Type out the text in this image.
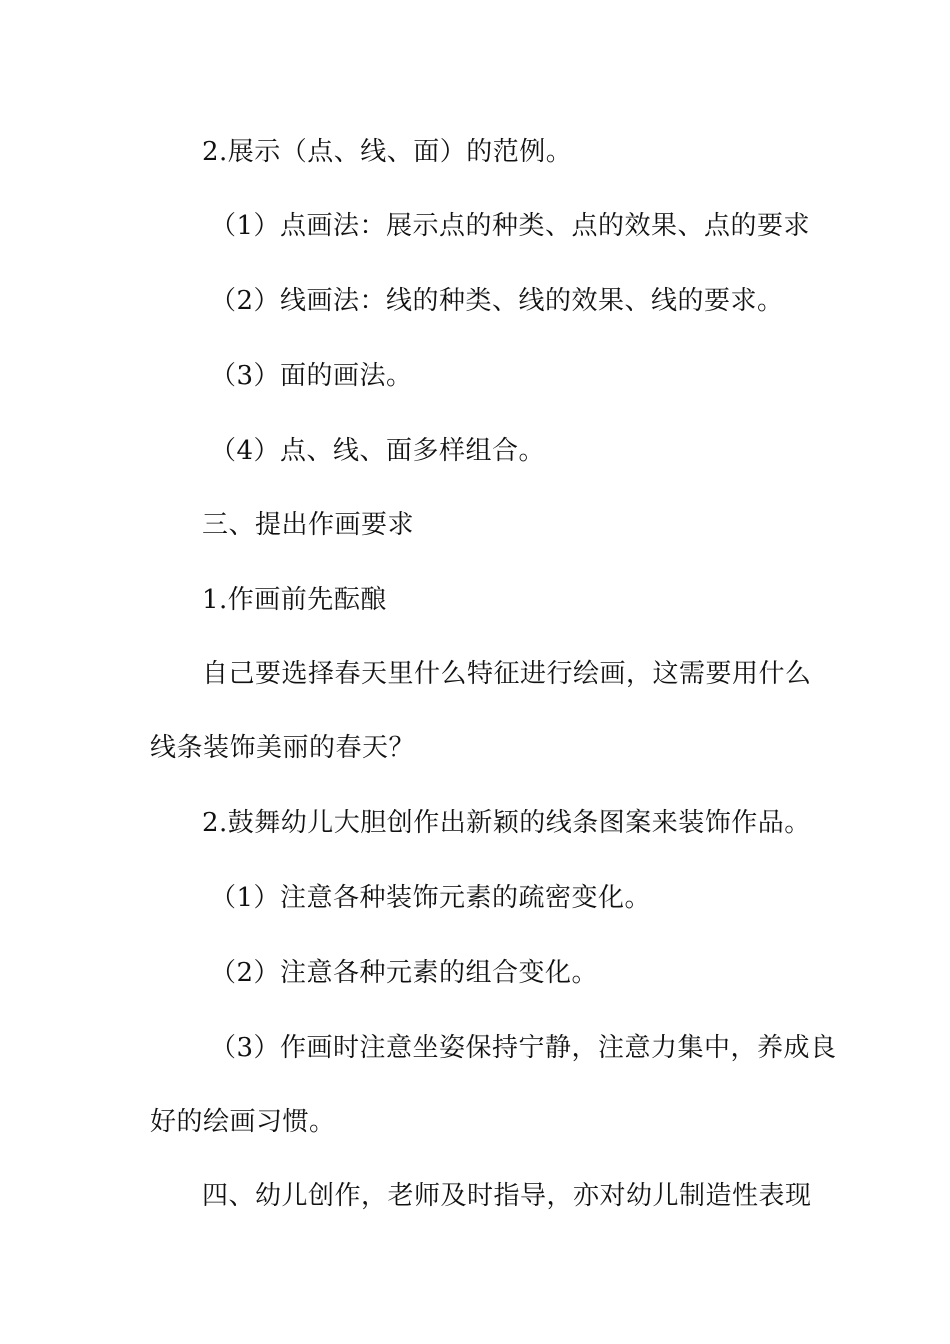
2.展示（点、线、面）的范例。
（1）点画法：展示点的种类、点的效果、点的要求
（2）线画法：线的种类、线的效果、线的要求。
（3）面的画法。
（4）点、线、面多样组合。
三、提出作画要求
1.作画前先酝酿
自己要选择春天里什么特征进行绘画，这需要用什么
线条装饰美丽的春天？
2.鼓舞幼儿大胆创作出新颖的线条图案来装饰作品。
（1）注意各种装饰元素的疏密变化。
（2）注意各种元素的组合变化。
（3）作画时注意坐姿保持宁静，注意力集中，养成良
好的绘画习惯。
四、幼儿创作，老师及时指导，亦对幼儿制造性表现
